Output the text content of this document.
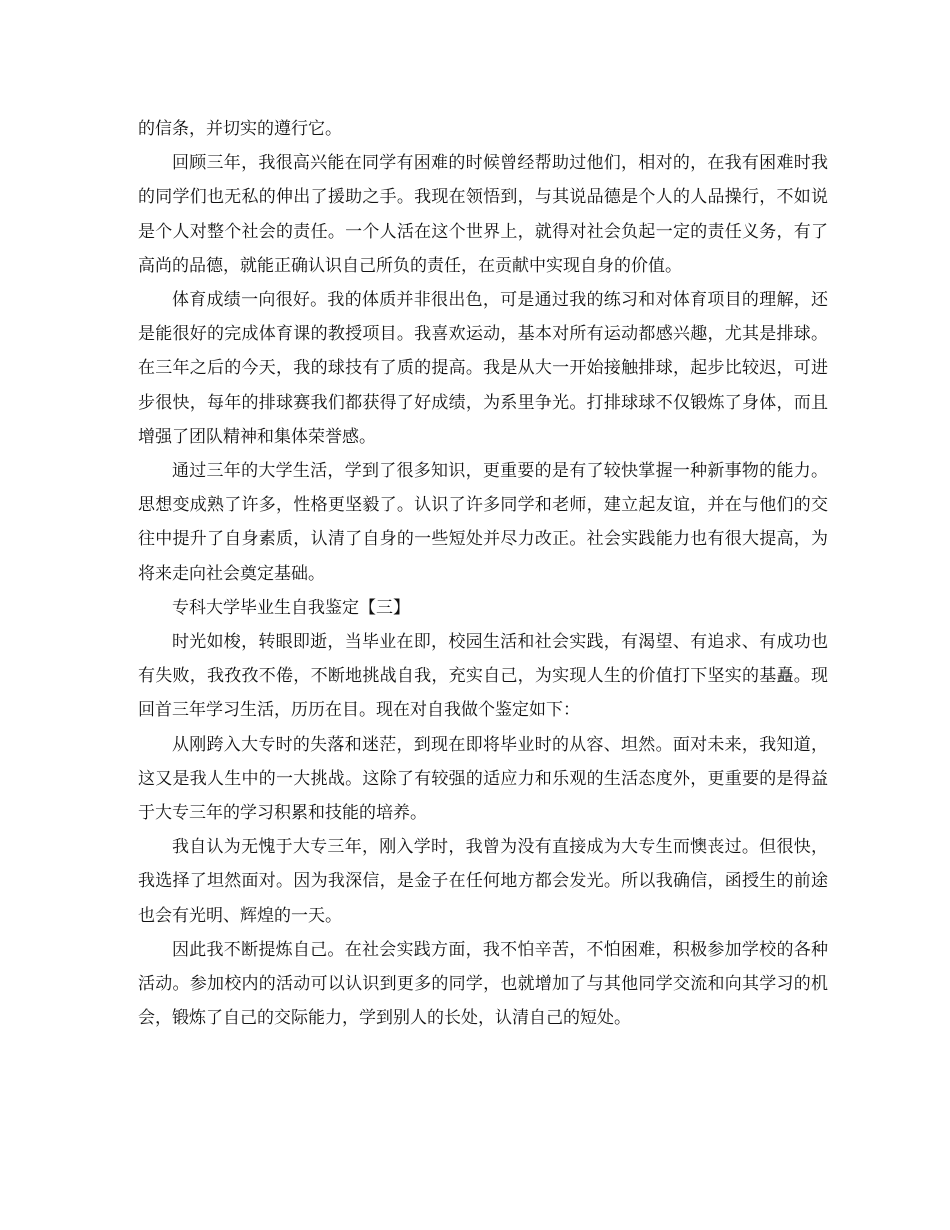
的信条，并切实的遵行它。

回顾三年，我很高兴能在同学有困难的时候曾经帮助过他们，相对的，在我有困难时我的同学们也无私的伸出了援助之手。我现在领悟到，与其说品德是个人的人品操行，不如说是个人对整个社会的责任。一个人活在这个世界上，就得对社会负起一定的责任义务，有了高尚的品德，就能正确认识自己所负的责任，在贡献中实现自身的价值。

体育成绩一向很好。我的体质并非很出色，可是通过我的练习和对体育项目的理解，还是能很好的完成体育课的教授项目。我喜欢运动，基本对所有运动都感兴趣，尤其是排球。在三年之后的今天，我的球技有了质的提高。我是从大一开始接触排球，起步比较迟，可进步很快，每年的排球赛我们都获得了好成绩，为系里争光。打排球球不仅锻炼了身体，而且增强了团队精神和集体荣誉感。

通过三年的大学生活，学到了很多知识，更重要的是有了较快掌握一种新事物的能力。思想变成熟了许多，性格更坚毅了。认识了许多同学和老师，建立起友谊，并在与他们的交往中提升了自身素质，认清了自身的一些短处并尽力改正。社会实践能力也有很大提高，为将来走向社会奠定基础。

专科大学毕业生自我鉴定【三】

时光如梭，转眼即逝，当毕业在即，校园生活和社会实践，有渴望、有追求、有成功也有失败，我孜孜不倦，不断地挑战自我，充实自己，为实现人生的价值打下坚实的基矗。现回首三年学习生活，历历在目。现在对自我做个鉴定如下：

从刚跨入大专时的失落和迷茫，到现在即将毕业时的从容、坦然。面对未来，我知道，这又是我人生中的一大挑战。这除了有较强的适应力和乐观的生活态度外，更重要的是得益于大专三年的学习积累和技能的培养。

我自认为无愧于大专三年，刚入学时，我曾为没有直接成为大专生而懊丧过。但很快，我选择了坦然面对。因为我深信，是金子在任何地方都会发光。所以我确信，函授生的前途也会有光明、辉煌的一天。

因此我不断提炼自己。在社会实践方面，我不怕辛苦，不怕困难，积极参加学校的各种活动。参加校内的活动可以认识到更多的同学，也就增加了与其他同学交流和向其学习的机会，锻炼了自己的交际能力，学到别人的长处，认清自己的短处。
